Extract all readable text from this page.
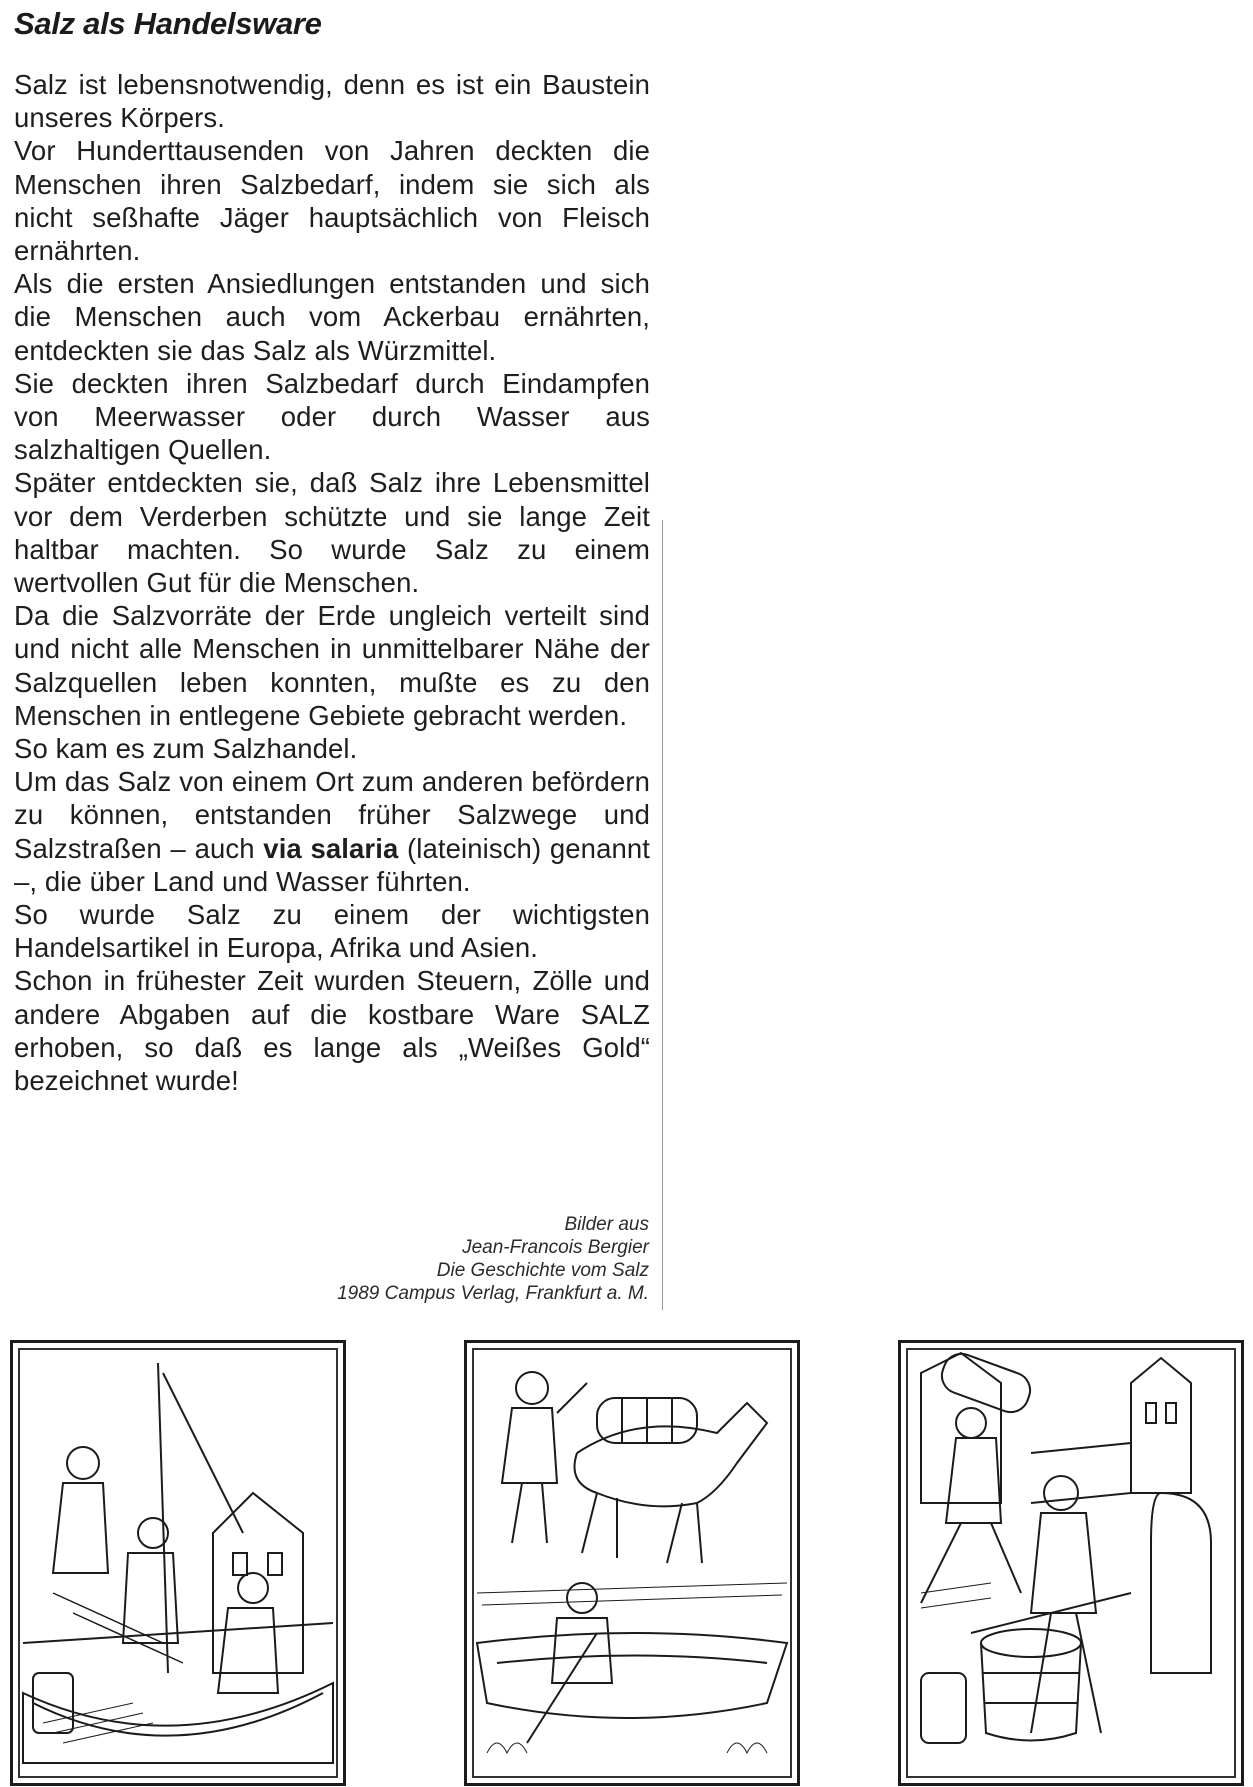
Salz als Handelsware

Salz ist lebensnotwendig, denn es ist ein Baustein unseres Körpers.

Vor Hunderttausenden von Jahren deckten die Menschen ihren Salzbedarf, indem sie sich als nicht seßhafte Jäger hauptsächlich von Fleisch ernährten.

Als die ersten Ansiedlungen entstanden und sich die Menschen auch vom Ackerbau ernährten, entdeckten sie das Salz als Würzmittel.

Sie deckten ihren Salzbedarf durch Eindampfen von Meerwasser oder durch Wasser aus salzhaltigen Quellen.

Später entdeckten sie, daß Salz ihre Lebensmittel vor dem Verderben schützte und sie lange Zeit haltbar machten. So wurde Salz zu einem wertvollen Gut für die Menschen.

Da die Salzvorräte der Erde ungleich verteilt sind und nicht alle Menschen in unmittelbarer Nähe der Salzquellen leben konnten, mußte es zu den Menschen in entlegene Gebiete gebracht werden.

So kam es zum Salzhandel.

Um das Salz von einem Ort zum anderen befördern zu können, entstanden früher Salzwege und Salzstraßen – auch via salaria (lateinisch) genannt –, die über Land und Wasser führten.

So wurde Salz zu einem der wichtigsten Handelsartikel in Europa, Afrika und Asien.

Schon in frühester Zeit wurden Steuern, Zölle und andere Abgaben auf die kostbare Ware SALZ erhoben, so daß es lange als „Weißes Gold“ bezeichnet wurde!

Bilder aus
Jean-Francois Bergier
Die Geschichte vom Salz
1989 Campus Verlag, Frankfurt a. M.
